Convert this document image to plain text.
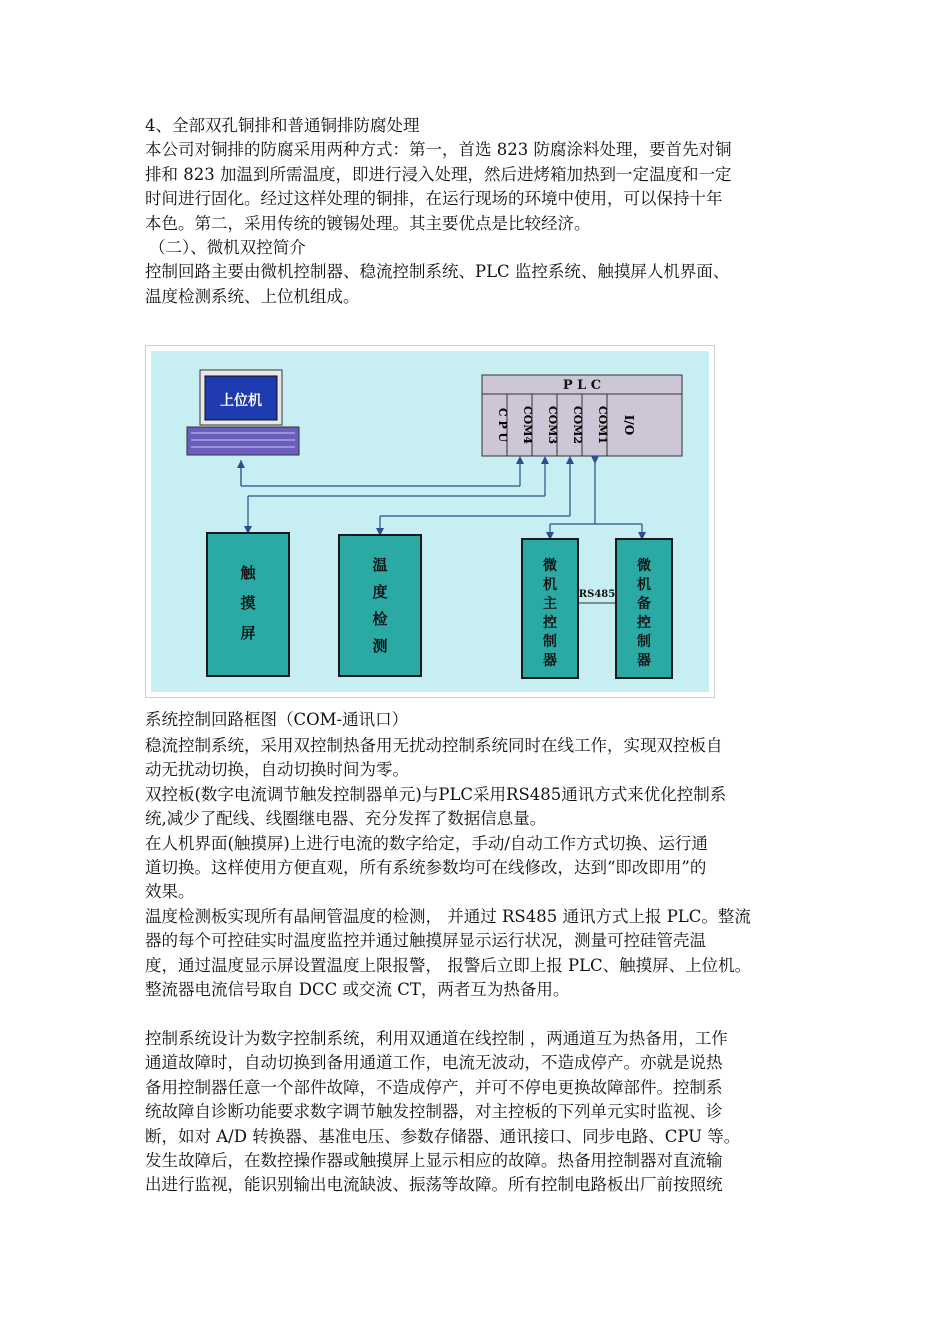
4、全部双孔铜排和普通铜排防腐处理

本公司对铜排的防腐采用两种方式：第一，首选 823 防腐涂料处理，要首先对铜

排和 823 加温到所需温度，即进行浸入处理，然后进烤箱加热到一定温度和一定

时间进行固化。经过这样处理的铜排，在运行现场的环境中使用，可以保持十年

本色。第二，采用传统的镀锡处理。其主要优点是比较经济。

（二）、微机双控简介

控制回路主要由微机控制器、稳流控制系统、PLC 监控系统、触摸屏人机界面、

温度检测系统、上位机组成。

上位机
P L C
C P U COM4 COM3 COM2 COM1 I/O
触
摸
屏
温
度
检
测
微
机
主
控
制
器
微
机
备
控
制
器
RS485
系统控制回路框图（COM-通讯口）

稳流控制系统，采用双控制热备用无扰动控制系统同时在线工作，实现双控板自

动无扰动切换，自动切换时间为零。

双控板(数字电流调节触发控制器单元)与PLC采用RS485通讯方式来优化控制系

统,减少了配线、线圈继电器、充分发挥了数据信息量。

在人机界面(触摸屏)上进行电流的数字给定，手动/自动工作方式切换、运行通

道切换。这样使用方便直观，所有系统参数均可在线修改，达到“即改即用”的

效果。

温度检测板实现所有晶闸管温度的检测， 并通过 RS485 通讯方式上报 PLC。整流

器的每个可控硅实时温度监控并通过触摸屏显示运行状况，测量可控硅管壳温

度，通过温度显示屏设置温度上限报警， 报警后立即上报 PLC、触摸屏、上位机。

整流器电流信号取自 DCC 或交流 CT，两者互为热备用。

控制系统设计为数字控制系统，利用双通道在线控制 ，两通道互为热备用，工作

通道故障时，自动切换到备用通道工作，电流无波动，不造成停产。亦就是说热

备用控制器任意一个部件故障，不造成停产，并可不停电更换故障部件。控制系

统故障自诊断功能要求数字调节触发控制器，对主控板的下列单元实时监视、诊

断，如对 A/D 转换器、基准电压、参数存储器、通讯接口、同步电路、CPU 等。

发生故障后，在数控操作器或触摸屏上显示相应的故障。热备用控制器对直流输

出进行监视，能识别输出电流缺波、振荡等故障。所有控制电路板出厂前按照统
